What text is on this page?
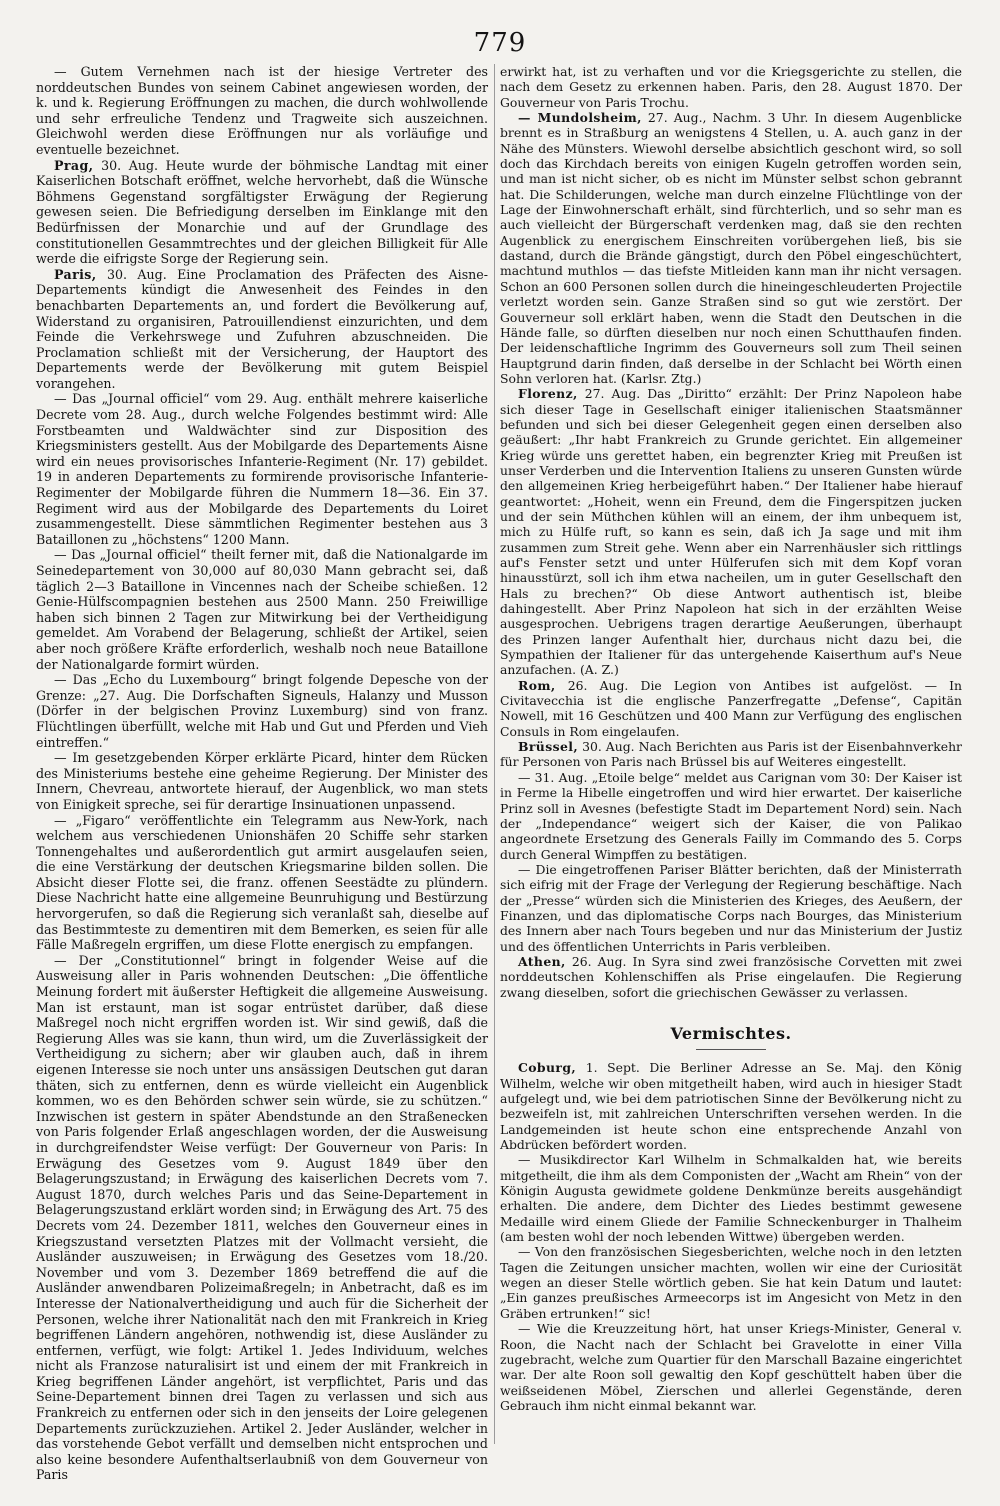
779

— Gutem Vernehmen nach ist der hiesige Vertreter des norddeutschen Bundes von seinem Cabinet angewiesen worden, der k. und k. Regierung Eröffnungen zu machen, die durch wohlwollende und sehr erfreuliche Tendenz und Tragweite sich auszeichnen. Gleichwohl werden diese Eröffnungen nur als vorläufige und eventuelle bezeichnet.

Prag, 30. Aug. Heute wurde der böhmische Landtag mit einer Kaiserlichen Botschaft eröffnet, welche hervorhebt, daß die Wünsche Böhmens Gegenstand sorgfältigster Erwägung der Regierung gewesen seien. Die Befriedigung derselben im Einklange mit den Bedürfnissen der Monarchie und auf der Grundlage des constitutionellen Gesammtrechtes und der gleichen Billigkeit für Alle werde die eifrigste Sorge der Regierung sein.

Paris, 30. Aug. Eine Proclamation des Präfecten des Aisne-Departements kündigt die Anwesenheit des Feindes in den benachbarten Departements an, und fordert die Bevölkerung auf, Widerstand zu organisiren, Patrouillendienst einzurichten, und dem Feinde die Verkehrswege und Zufuhren abzuschneiden. Die Proclamation schließt mit der Versicherung, der Hauptort des Departements werde der Bevölkerung mit gutem Beispiel vorangehen.

— Das „Journal officiel“ vom 29. Aug. enthält mehrere kaiserliche Decrete vom 28. Aug., durch welche Folgendes bestimmt wird: Alle Forstbeamten und Waldwächter sind zur Disposition des Kriegsministers gestellt. Aus der Mobilgarde des Departements Aisne wird ein neues provisorisches Infanterie-Regiment (Nr. 17) gebildet. 19 in anderen Departements zu formirende provisorische Infanterie-Regimenter der Mobilgarde führen die Nummern 18—36. Ein 37. Regiment wird aus der Mobilgarde des Departements du Loiret zusammengestellt. Diese sämmtlichen Regimenter bestehen aus 3 Bataillonen zu „höchstens“ 1200 Mann.

— Das „Journal officiel“ theilt ferner mit, daß die Nationalgarde im Seinedepartement von 30,000 auf 80,030 Mann gebracht sei, daß täglich 2—3 Bataillone in Vincennes nach der Scheibe schießen. 12 Genie-Hülfscompagnien bestehen aus 2500 Mann. 250 Freiwillige haben sich binnen 2 Tagen zur Mitwirkung bei der Vertheidigung gemeldet. Am Vorabend der Belagerung, schließt der Artikel, seien aber noch größere Kräfte erforderlich, weshalb noch neue Bataillone der Nationalgarde formirt würden.

— Das „Echo du Luxembourg“ bringt folgende Depesche von der Grenze: „27. Aug. Die Dorfschaften Signeuls, Halanzy und Musson (Dörfer in der belgischen Provinz Luxemburg) sind von franz. Flüchtlingen überfüllt, welche mit Hab und Gut und Pferden und Vieh eintreffen.“

— Im gesetzgebenden Körper erklärte Picard, hinter dem Rücken des Ministeriums bestehe eine geheime Regierung. Der Minister des Innern, Chevreau, antwortete hierauf, der Augenblick, wo man stets von Einigkeit spreche, sei für derartige Insinuationen unpassend.

— „Figaro“ veröffentlichte ein Telegramm aus New-York, nach welchem aus verschiedenen Unionshäfen 20 Schiffe sehr starken Tonnengehaltes und außerordentlich gut armirt ausgelaufen seien, die eine Verstärkung der deutschen Kriegsmarine bilden sollen. Die Absicht dieser Flotte sei, die franz. offenen Seestädte zu plündern. Diese Nachricht hatte eine allgemeine Beunruhigung und Bestürzung hervorgerufen, so daß die Regierung sich veranlaßt sah, dieselbe auf das Bestimmteste zu dementiren mit dem Bemerken, es seien für alle Fälle Maßregeln ergriffen, um diese Flotte energisch zu empfangen.

— Der „Constitutionnel“ bringt in folgender Weise auf die Ausweisung aller in Paris wohnenden Deutschen: „Die öffentliche Meinung fordert mit äußerster Heftigkeit die allgemeine Ausweisung. Man ist erstaunt, man ist sogar entrüstet darüber, daß diese Maßregel noch nicht ergriffen worden ist. Wir sind gewiß, daß die Regierung Alles was sie kann, thun wird, um die Zuverlässigkeit der Vertheidigung zu sichern; aber wir glauben auch, daß in ihrem eigenen Interesse sie noch unter uns ansässigen Deutschen gut daran thäten, sich zu entfernen, denn es würde vielleicht ein Augenblick kommen, wo es den Behörden schwer sein würde, sie zu schützen.“ Inzwischen ist gestern in später Abendstunde an den Straßenecken von Paris folgender Erlaß angeschlagen worden, der die Ausweisung in durchgreifendster Weise verfügt: Der Gouverneur von Paris: In Erwägung des Gesetzes vom 9. August 1849 über den Belagerungszustand; in Erwägung des kaiserlichen Decrets vom 7. August 1870, durch welches Paris und das Seine-Departement in Belagerungszustand erklärt worden sind; in Erwägung des Art. 75 des Decrets vom 24. Dezember 1811, welches den Gouverneur eines in Kriegszustand versetzten Platzes mit der Vollmacht versieht, die Ausländer auszuweisen; in Erwägung des Gesetzes vom 18./20. November und vom 3. Dezember 1869 betreffend die auf die Ausländer anwendbaren Polizeimaßregeln; in Anbetracht, daß es im Interesse der Nationalvertheidigung und auch für die Sicherheit der Personen, welche ihrer Nationalität nach den mit Frankreich in Krieg begriffenen Ländern angehören, nothwendig ist, diese Ausländer zu entfernen, verfügt, wie folgt: Artikel 1. Jedes Individuum, welches nicht als Franzose naturalisirt ist und einem der mit Frankreich in Krieg begriffenen Länder angehört, ist verpflichtet, Paris und das Seine-Departement binnen drei Tagen zu verlassen und sich aus Frankreich zu entfernen oder sich in den jenseits der Loire gelegenen Departements zurückzuziehen. Artikel 2. Jeder Ausländer, welcher in das vorstehende Gebot verfällt und demselben nicht entsprochen und also keine besondere Aufenthaltserlaubniß von dem Gouverneur von Paris

erwirkt hat, ist zu verhaften und vor die Kriegsgerichte zu stellen, die nach dem Gesetz zu erkennen haben. Paris, den 28. August 1870. Der Gouverneur von Paris Trochu.

— Mundolsheim, 27. Aug., Nachm. 3 Uhr. In diesem Augenblicke brennt es in Straßburg an wenigstens 4 Stellen, u. A. auch ganz in der Nähe des Münsters. Wiewohl derselbe absichtlich geschont wird, so soll doch das Kirchdach bereits von einigen Kugeln getroffen worden sein, und man ist nicht sicher, ob es nicht im Münster selbst schon gebrannt hat. Die Schilderungen, welche man durch einzelne Flüchtlinge von der Lage der Einwohnerschaft erhält, sind fürchterlich, und so sehr man es auch vielleicht der Bürgerschaft verdenken mag, daß sie den rechten Augenblick zu energischem Einschreiten vorübergehen ließ, bis sie dastand, durch die Brände gängstigt, durch den Pöbel eingeschüchtert, machtund muthlos — das tiefste Mitleiden kann man ihr nicht versagen. Schon an 600 Personen sollen durch die hineingeschleuderten Projectile verletzt worden sein. Ganze Straßen sind so gut wie zerstört. Der Gouverneur soll erklärt haben, wenn die Stadt den Deutschen in die Hände falle, so dürften dieselben nur noch einen Schutthaufen finden. Der leidenschaftliche Ingrimm des Gouverneurs soll zum Theil seinen Hauptgrund darin finden, daß derselbe in der Schlacht bei Wörth einen Sohn verloren hat. (Karlsr. Ztg.)

Florenz, 27. Aug. Das „Diritto“ erzählt: Der Prinz Napoleon habe sich dieser Tage in Gesellschaft einiger italienischen Staatsmänner befunden und sich bei dieser Gelegenheit gegen einen derselben also geäußert: „Ihr habt Frankreich zu Grunde gerichtet. Ein allgemeiner Krieg würde uns gerettet haben, ein begrenzter Krieg mit Preußen ist unser Verderben und die Intervention Italiens zu unseren Gunsten würde den allgemeinen Krieg herbeigeführt haben.“ Der Italiener habe hierauf geantwortet: „Hoheit, wenn ein Freund, dem die Fingerspitzen jucken und der sein Müthchen kühlen will an einem, der ihm unbequem ist, mich zu Hülfe ruft, so kann es sein, daß ich Ja sage und mit ihm zusammen zum Streit gehe. Wenn aber ein Narrenhäusler sich rittlings auf's Fenster setzt und unter Hülferufen sich mit dem Kopf voran hinausstürzt, soll ich ihm etwa nacheilen, um in guter Gesellschaft den Hals zu brechen?“ Ob diese Antwort authentisch ist, bleibe dahingestellt. Aber Prinz Napoleon hat sich in der erzählten Weise ausgesprochen. Uebrigens tragen derartige Aeußerungen, überhaupt des Prinzen langer Aufenthalt hier, durchaus nicht dazu bei, die Sympathien der Italiener für das untergehende Kaiserthum auf's Neue anzufachen. (A. Z.)

Rom, 26. Aug. Die Legion von Antibes ist aufgelöst. — In Civitavecchia ist die englische Panzerfregatte „Defense“, Capitän Nowell, mit 16 Geschützen und 400 Mann zur Verfügung des englischen Consuls in Rom eingelaufen.

Brüssel, 30. Aug. Nach Berichten aus Paris ist der Eisenbahnverkehr für Personen von Paris nach Brüssel bis auf Weiteres eingestellt.

— 31. Aug. „Etoile belge“ meldet aus Carignan vom 30: Der Kaiser ist in Ferme la Hibelle eingetroffen und wird hier erwartet. Der kaiserliche Prinz soll in Avesnes (befestigte Stadt im Departement Nord) sein. Nach der „Independance“ weigert sich der Kaiser, die von Palikao angeordnete Ersetzung des Generals Failly im Commando des 5. Corps durch General Wimpffen zu bestätigen.

— Die eingetroffenen Pariser Blätter berichten, daß der Ministerrath sich eifrig mit der Frage der Verlegung der Regierung beschäftige. Nach der „Presse“ würden sich die Ministerien des Krieges, des Aeußern, der Finanzen, und das diplomatische Corps nach Bourges, das Ministerium des Innern aber nach Tours begeben und nur das Ministerium der Justiz und des öffentlichen Unterrichts in Paris verbleiben.

Athen, 26. Aug. In Syra sind zwei französische Corvetten mit zwei norddeutschen Kohlenschiffen als Prise eingelaufen. Die Regierung zwang dieselben, sofort die griechischen Gewässer zu verlassen.

Vermischtes.

Coburg, 1. Sept. Die Berliner Adresse an Se. Maj. den König Wilhelm, welche wir oben mitgetheilt haben, wird auch in hiesiger Stadt aufgelegt und, wie bei dem patriotischen Sinne der Bevölkerung nicht zu bezweifeln ist, mit zahlreichen Unterschriften versehen werden. In die Landgemeinden ist heute schon eine entsprechende Anzahl von Abdrücken befördert worden.

— Musikdirector Karl Wilhelm in Schmalkalden hat, wie bereits mitgetheilt, die ihm als dem Componisten der „Wacht am Rhein“ von der Königin Augusta gewidmete goldene Denkmünze bereits ausgehändigt erhalten. Die andere, dem Dichter des Liedes bestimmt gewesene Medaille wird einem Gliede der Familie Schneckenburger in Thalheim (am besten wohl der noch lebenden Wittwe) übergeben werden.

— Von den französischen Siegesberichten, welche noch in den letzten Tagen die Zeitungen unsicher machten, wollen wir eine der Curiosität wegen an dieser Stelle wörtlich geben. Sie hat kein Datum und lautet: „Ein ganzes preußisches Armeecorps ist im Angesicht von Metz in den Gräben ertrunken!“ sic!

— Wie die Kreuzzeitung hört, hat unser Kriegs-Minister, General v. Roon, die Nacht nach der Schlacht bei Gravelotte in einer Villa zugebracht, welche zum Quartier für den Marschall Bazaine eingerichtet war. Der alte Roon soll gewaltig den Kopf geschüttelt haben über die weißseidenen Möbel, Zierschen und allerlei Gegenstände, deren Gebrauch ihm nicht einmal bekannt war.
